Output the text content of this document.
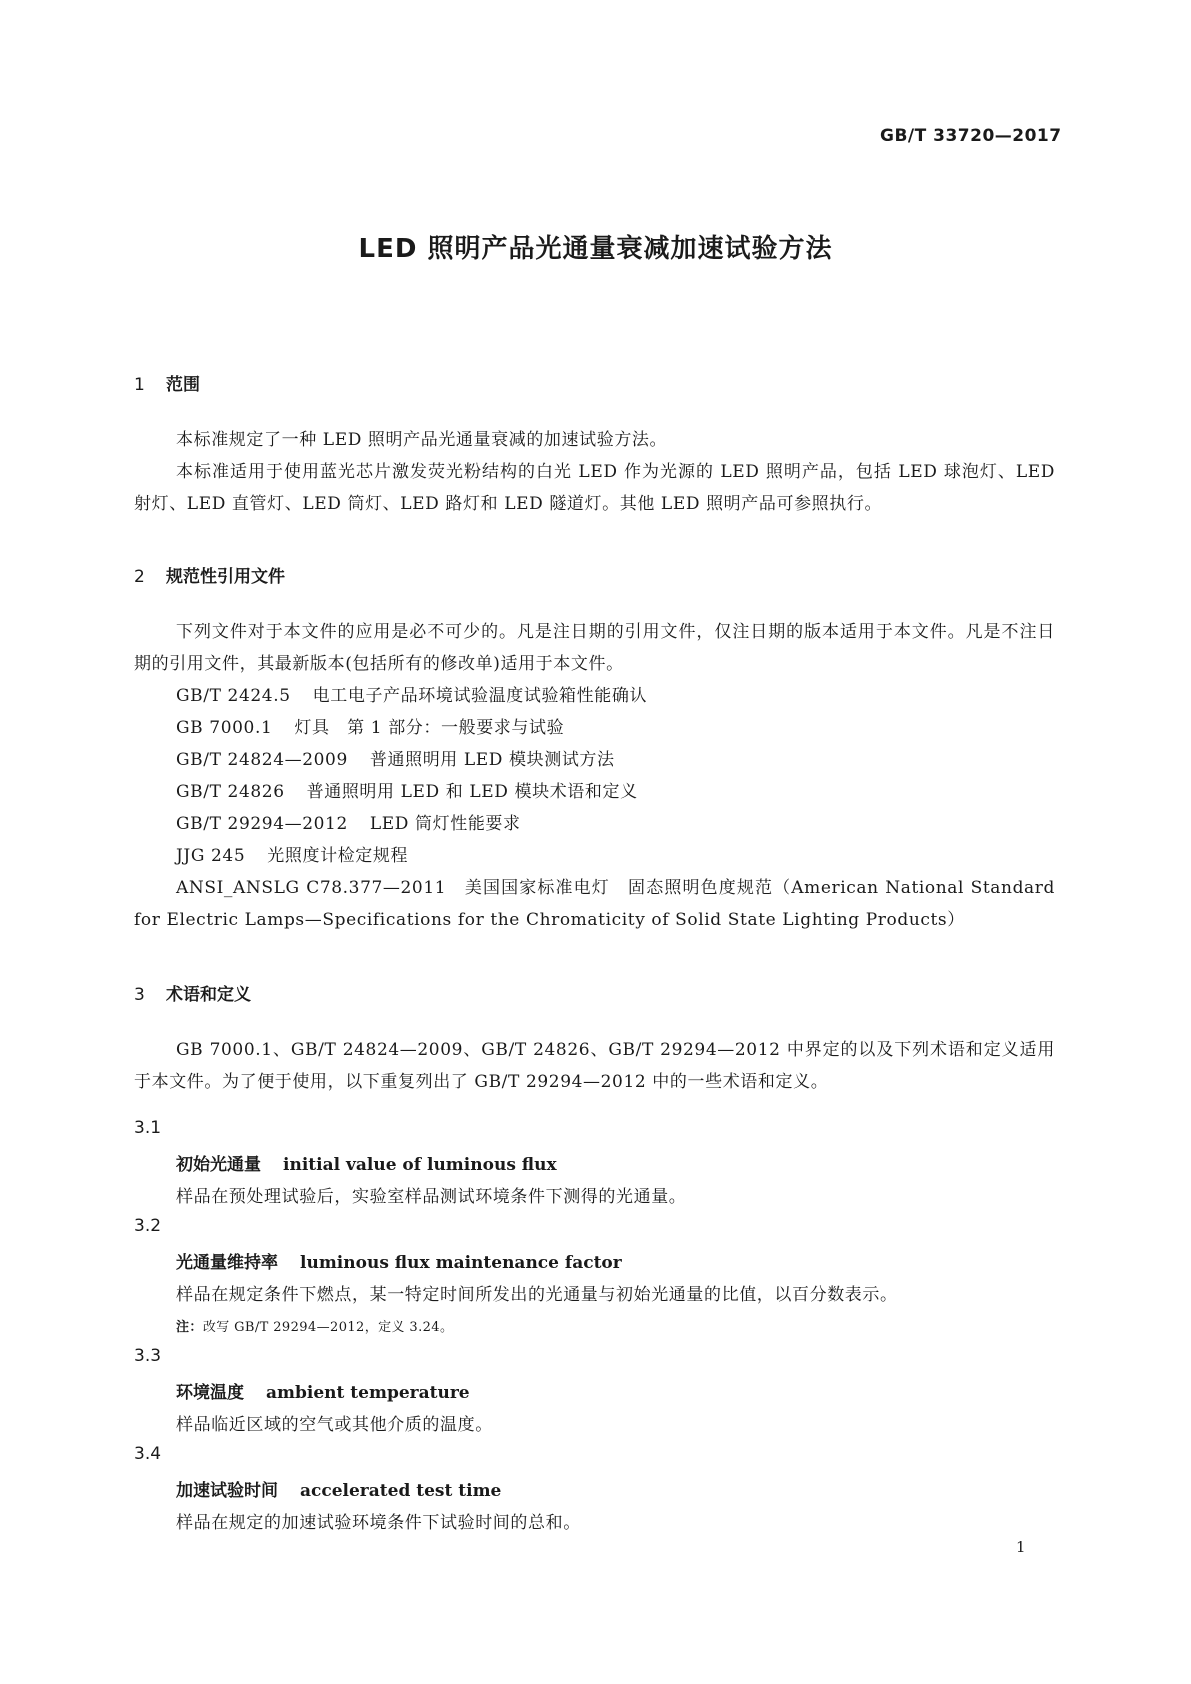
GB/T 33720—2017
LED 照明产品光通量衰减加速试验方法
1 范围
本标准规定了一种 LED 照明产品光通量衰减的加速试验方法。
本标准适用于使用蓝光芯片激发荧光粉结构的白光 LED 作为光源的 LED 照明产品，包括 LED 球泡灯、LED 射灯、LED 直管灯、LED 筒灯、LED 路灯和 LED 隧道灯。其他 LED 照明产品可参照执行。
2 规范性引用文件
下列文件对于本文件的应用是必不可少的。凡是注日期的引用文件，仅注日期的版本适用于本文件。凡是不注日期的引用文件，其最新版本(包括所有的修改单)适用于本文件。
GB/T 2424.5 电工电子产品环境试验温度试验箱性能确认
GB 7000.1 灯具　第 1 部分：一般要求与试验
GB/T 24824—2009 普通照明用 LED 模块测试方法
GB/T 24826 普通照明用 LED 和 LED 模块术语和定义
GB/T 29294—2012 LED 筒灯性能要求
JJG 245 光照度计检定规程
ANSI_ANSLG C78.377—2011　美国国家标准电灯　固态照明色度规范（American National Standard for Electric Lamps—Specifications for the Chromaticity of Solid State Lighting Products）
3 术语和定义
GB 7000.1、GB/T 24824—2009、GB/T 24826、GB/T 29294—2012 中界定的以及下列术语和定义适用于本文件。为了便于使用，以下重复列出了 GB/T 29294—2012 中的一些术语和定义。
3.1
初始光通量 initial value of luminous flux
样品在预处理试验后，实验室样品测试环境条件下测得的光通量。
3.2
光通量维持率 luminous flux maintenance factor
样品在规定条件下燃点，某一特定时间所发出的光通量与初始光通量的比值，以百分数表示。
注：改写 GB/T 29294—2012，定义 3.24。
3.3
环境温度 ambient temperature
样品临近区域的空气或其他介质的温度。
3.4
加速试验时间 accelerated test time
样品在规定的加速试验环境条件下试验时间的总和。
1
